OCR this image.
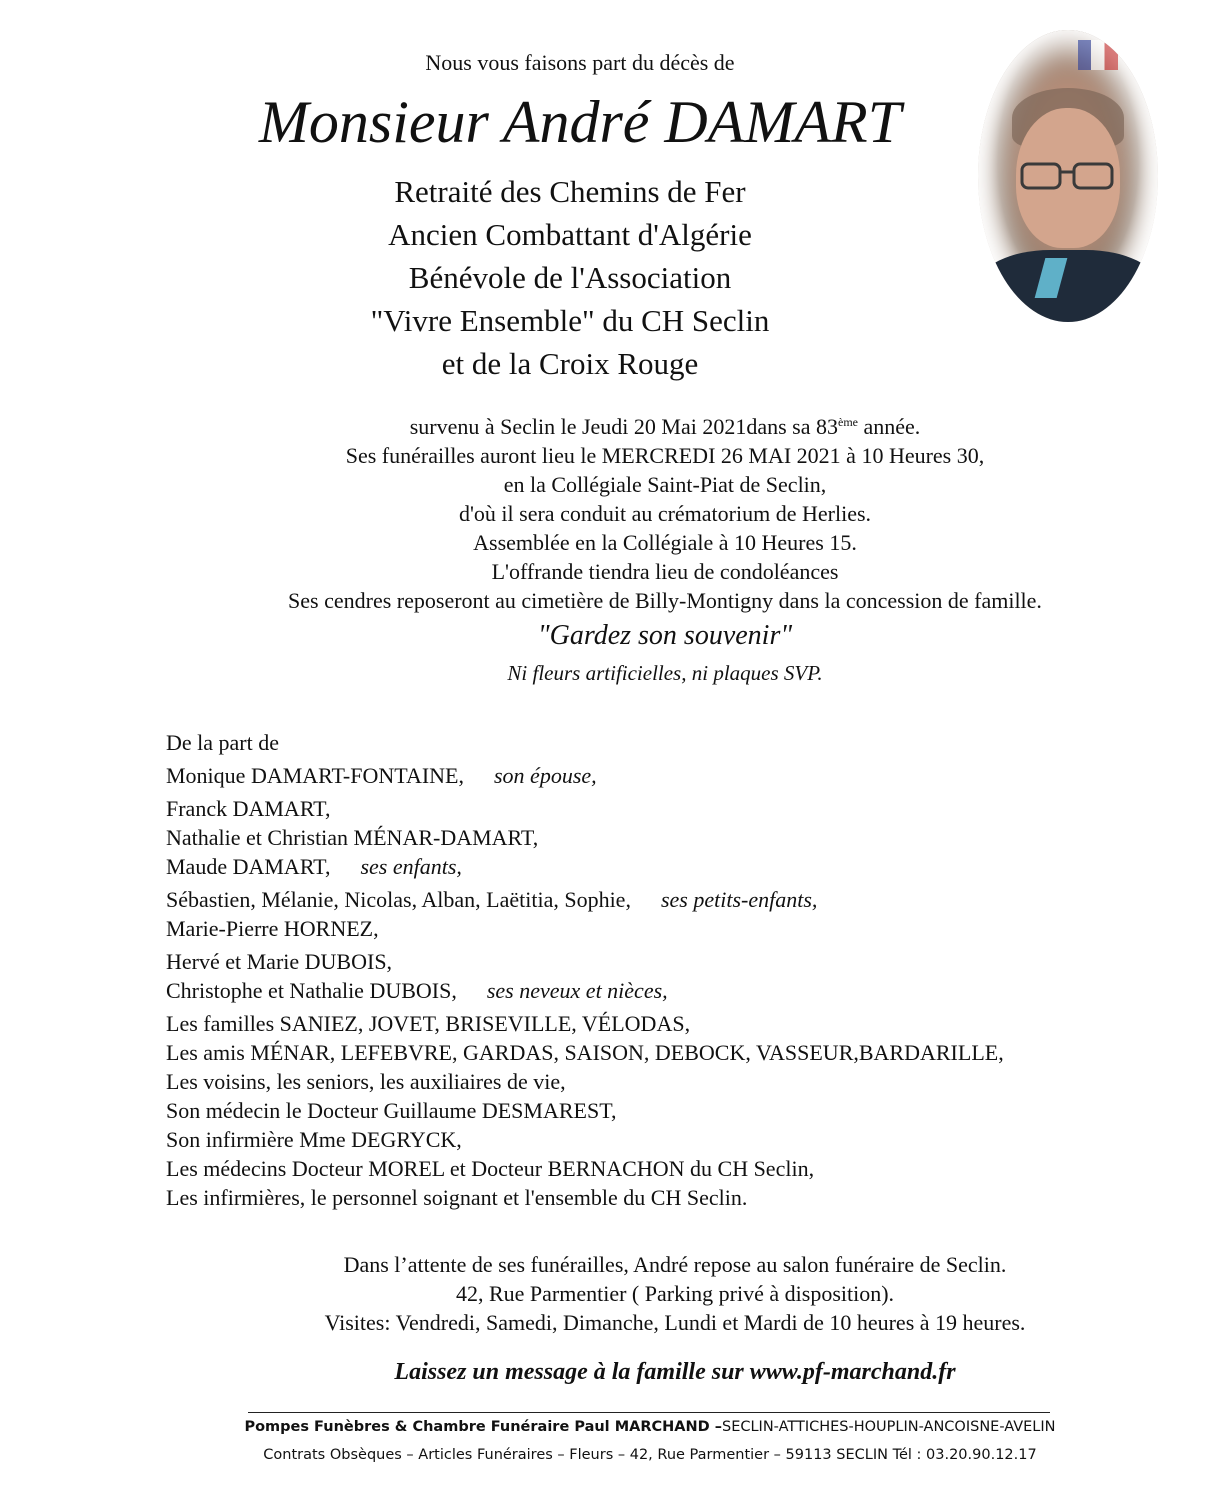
Nous vous faisons part du décès de
Monsieur André DAMART
Retraité des Chemins de Fer
Ancien Combattant d'Algérie
Bénévole de l'Association
"Vivre Ensemble" du CH Seclin
et de la Croix Rouge
survenu à Seclin le Jeudi 20 Mai 2021dans sa 83ème année.
Ses funérailles auront lieu le MERCREDI 26 MAI 2021 à 10 Heures 30,
en la Collégiale Saint-Piat de Seclin,
d'où il sera conduit au crématorium de Herlies.
Assemblée en la Collégiale à 10 Heures 15.
L'offrande tiendra lieu de condoléances
Ses cendres reposeront au cimetière de Billy-Montigny dans la concession de famille.
"Gardez son souvenir"
Ni fleurs artificielles, ni plaques SVP.
De la part de
Monique DAMART-FONTAINE, son épouse,
Franck DAMART,
Nathalie et Christian MÉNAR-DAMART,
Maude DAMART, ses enfants,
Sébastien, Mélanie, Nicolas, Alban, Laëtitia, Sophie, ses petits-enfants,
Marie-Pierre HORNEZ,
Hervé et Marie DUBOIS,
Christophe et Nathalie DUBOIS, ses neveux et nièces,
Les familles SANIEZ, JOVET, BRISEVILLE, VÉLODAS,
Les amis MÉNAR, LEFEBVRE, GARDAS, SAISON, DEBOCK, VASSEUR,BARDARILLE,
Les voisins, les seniors, les auxiliaires de vie,
Son médecin le Docteur Guillaume DESMAREST,
Son infirmière Mme DEGRYCK,
Les médecins Docteur MOREL et Docteur BERNACHON du CH Seclin,
Les infirmières, le personnel soignant et l'ensemble du CH Seclin.
Dans l’attente de ses funérailles, André repose au salon funéraire de Seclin.
42, Rue Parmentier ( Parking privé à disposition).
Visites: Vendredi, Samedi, Dimanche, Lundi et Mardi de 10 heures à 19 heures.
Laissez un message à la famille sur www.pf-marchand.fr
Pompes Funèbres & Chambre Funéraire Paul MARCHAND –SECLIN-ATTICHES-HOUPLIN-ANCOISNE-AVELIN
Contrats Obsèques – Articles Funéraires – Fleurs – 42, Rue Parmentier – 59113 SECLIN Tél : 03.20.90.12.17
